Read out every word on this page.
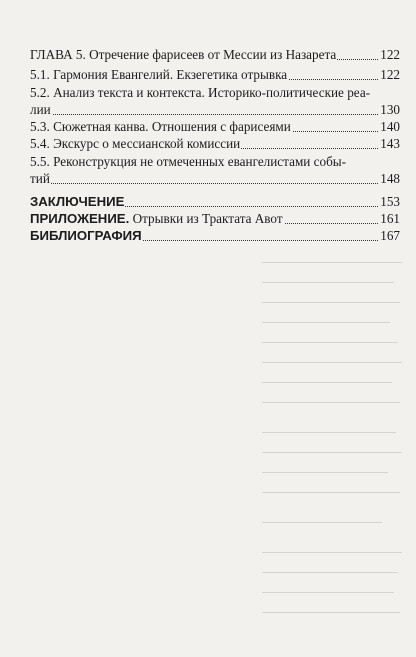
ГЛАВА 5. Отречение фарисеев от Мессии из Назарета	122
5.1. Гармония Евангелий. Екзегетика отрывка	122
5.2. Анализ текста и контекста. Историко-политические реа-
лии	130
5.3. Сюжетная канва. Отношения с фарисеями	140
5.4. Экскурс о мессианской комиссии	143
5.5. Реконструкция не отмеченных евангелистами собы-
тий	148
ЗАКЛЮЧЕНИЕ	153
ПРИЛОЖЕНИЕ. Отрывки из Трактата Авот	161
БИБЛИОГРАФИЯ	167
